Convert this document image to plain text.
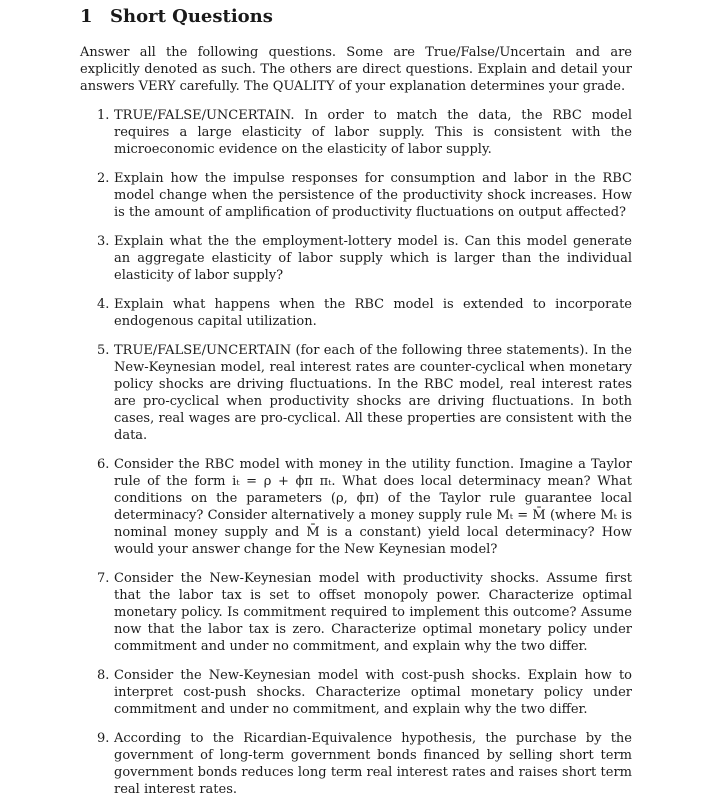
1 Short Questions

Answer all the following questions. Some are True/False/Uncertain and are explicitly denoted as such. The others are direct questions. Explain and detail your answers VERY carefully. The QUALITY of your explanation determines your grade.

1. TRUE/FALSE/UNCERTAIN. In order to match the data, the RBC model requires a large elasticity of labor supply. This is consistent with the microeconomic evidence on the elasticity of labor supply.
2. Explain how the impulse responses for consumption and labor in the RBC model change when the persistence of the productivity shock increases. How is the amount of amplification of productivity fluctuations on output affected?
3. Explain what the the employment-lottery model is. Can this model generate an aggregate elasticity of labor supply which is larger than the individual elasticity of labor supply?
4. Explain what happens when the RBC model is extended to incorporate endogenous capital utilization.
5. TRUE/FALSE/UNCERTAIN (for each of the following three statements). In the New-Keynesian model, real interest rates are counter-cyclical when monetary policy shocks are driving fluctuations. In the RBC model, real interest rates are pro-cyclical when productivity shocks are driving fluctuations. In both cases, real wages are pro-cyclical. All these properties are consistent with the data.
6. Consider the RBC model with money in the utility function. Imagine a Taylor rule of the form iₜ = ρ + ϕπ πₜ. What does local determinacy mean? What conditions on the parameters (ρ, ϕπ) of the Taylor rule guarantee local determinacy? Consider alternatively a money supply rule Mₜ = M̄ (where Mₜ is nominal money supply and M̄ is a constant) yield local determinacy? How would your answer change for the New Keynesian model?
7. Consider the New-Keynesian model with productivity shocks. Assume first that the labor tax is set to offset monopoly power. Characterize optimal monetary policy. Is commitment required to implement this outcome? Assume now that the labor tax is zero. Characterize optimal monetary policy under commitment and under no commitment, and explain why the two differ.
8. Consider the New-Keynesian model with cost-push shocks. Explain how to interpret cost-push shocks. Characterize optimal monetary policy under commitment and under no commitment, and explain why the two differ.
9. According to the Ricardian-Equivalence hypothesis, the purchase by the government of long-term government bonds financed by selling short term government bonds reduces long term real interest rates and raises short term real interest rates.
